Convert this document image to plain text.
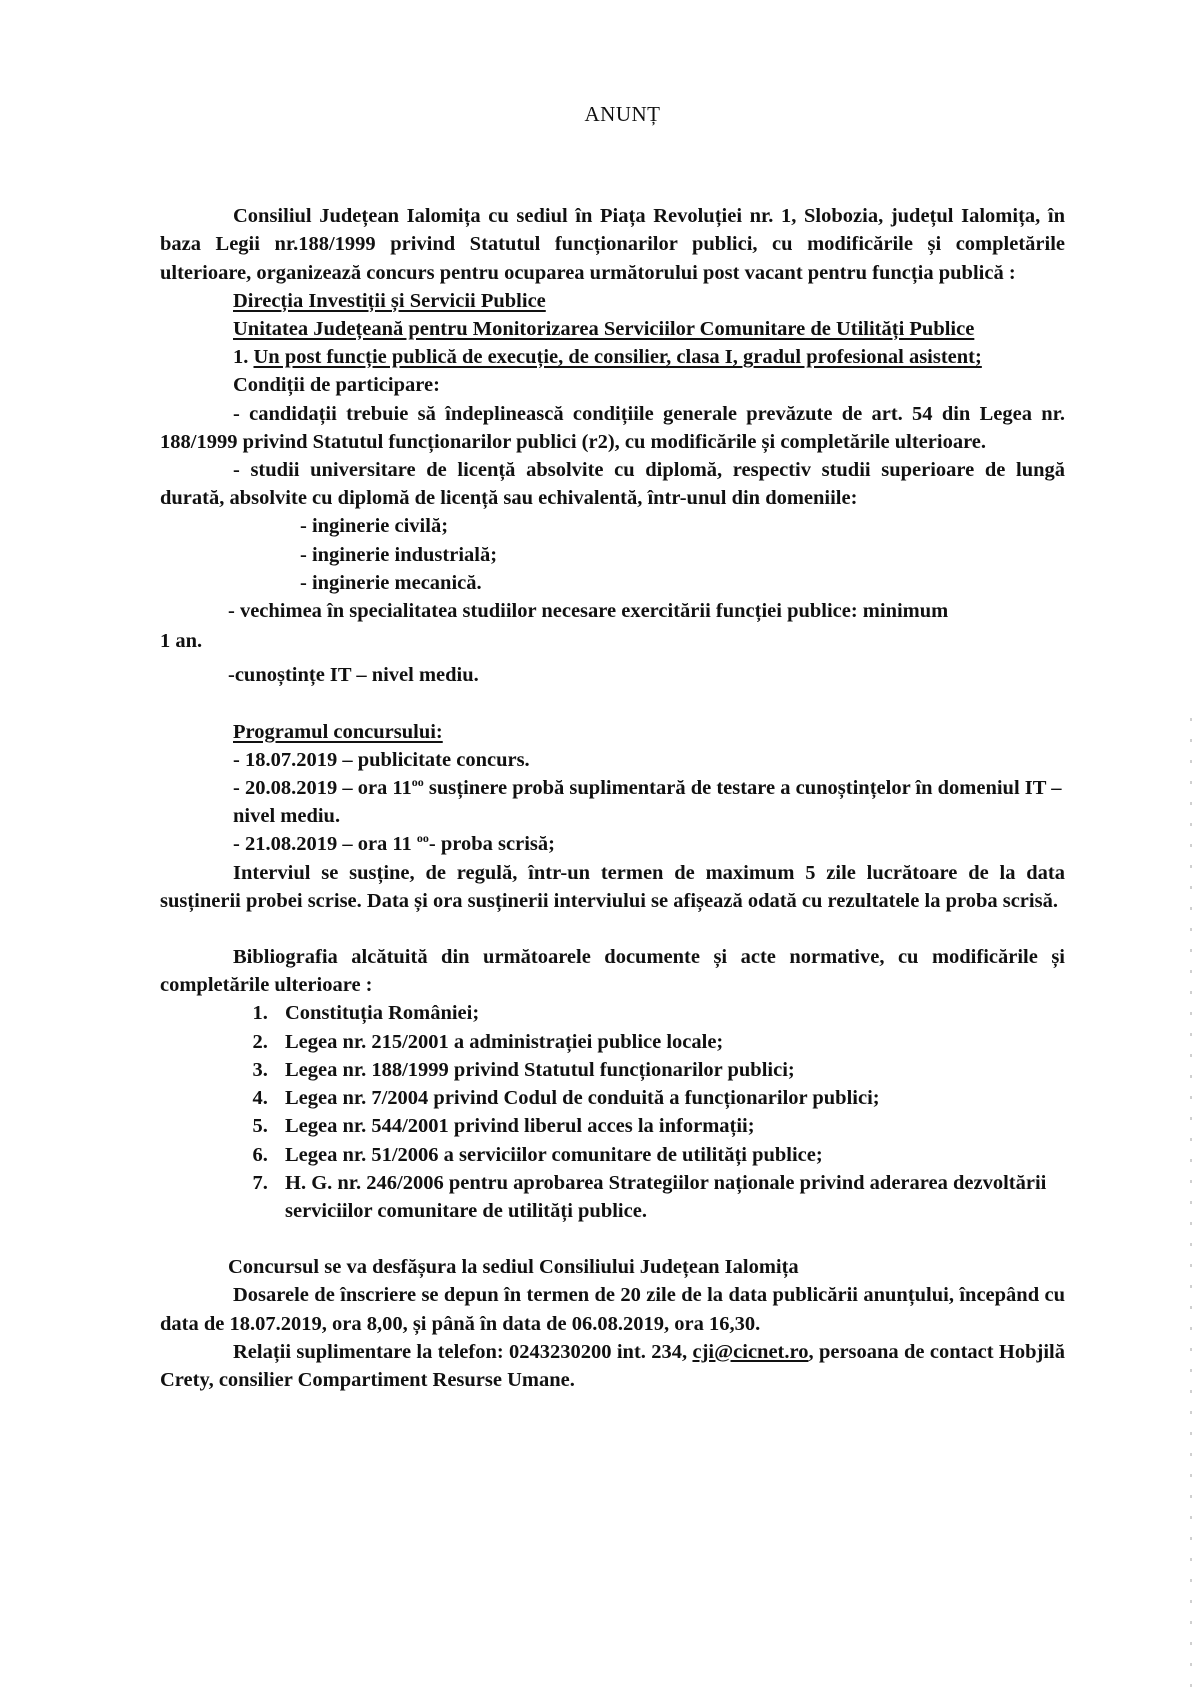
ANUNȚ

Consiliul Județean Ialomița cu sediul în Piața Revoluției nr. 1, Slobozia, județul Ialomița, în baza Legii nr.188/1999 privind Statutul funcționarilor publici, cu modificările și completările ulterioare, organizează concurs pentru ocuparea următorului post vacant pentru funcția publică :

Direcția Investiții și Servicii Publice

Unitatea Județeană pentru Monitorizarea Serviciilor Comunitare de Utilități Publice

1. Un post funcție publică de execuție, de consilier, clasa I, gradul profesional asistent;

Condiții de participare:

- candidații trebuie să îndeplinească condițiile generale prevăzute de art. 54 din Legea nr. 188/1999 privind Statutul funcționarilor publici (r2), cu modificările și completările ulterioare.

- studii universitare de licență absolvite cu diplomă, respectiv studii superioare de lungă durată, absolvite cu diplomă de licență sau echivalentă, într-unul din domeniile:

- inginerie civilă;
- inginerie industrială;
- inginerie mecanică.
- vechimea în specialitatea studiilor necesare exercitării funcției publice: minimum
1 an.
-cunoștințe IT – nivel mediu.
Programul concursului:
- 18.07.2019 – publicitate concurs.
- 20.08.2019 – ora $11^{oo}$ susținere probă suplimentară de testare a cunoștințelor în domeniul IT – nivel mediu.
- 21.08.2019 – ora 11 $^{oo}$- proba scrisă;

Interviul se susține, de regulă, într-un termen de maximum 5 zile lucrătoare de la data susținerii probei scrise. Data și ora susținerii interviului se afișează odată cu rezultatele la proba scrisă.

Bibliografia alcătuită din următoarele documente și acte normative, cu modificările și completările ulterioare :

1. Constituția României;
2. Legea nr. 215/2001 a administrației publice locale;
3. Legea nr. 188/1999 privind Statutul funcționarilor publici;
4. Legea nr. 7/2004 privind Codul de conduită a funcționarilor publici;
5. Legea nr. 544/2001 privind liberul acces la informații;
6. Legea nr. 51/2006 a serviciilor comunitare de utilități publice;
7. H. G. nr. 246/2006 pentru aprobarea Strategiilor naționale privind aderarea dezvoltării serviciilor comunitare de utilități publice.
Concursul se va desfășura la sediul Consiliului Județean Ialomița

Dosarele de înscriere se depun în termen de 20 zile de la data publicării anunțului, începând cu data de 18.07.2019, ora 8,00, și până în data de 06.08.2019, ora 16,30.

Relații suplimentare la telefon: 0243230200 int. 234, cji@cicnet.ro, persoana de contact Hobjilă Crety, consilier Compartiment Resurse Umane.
